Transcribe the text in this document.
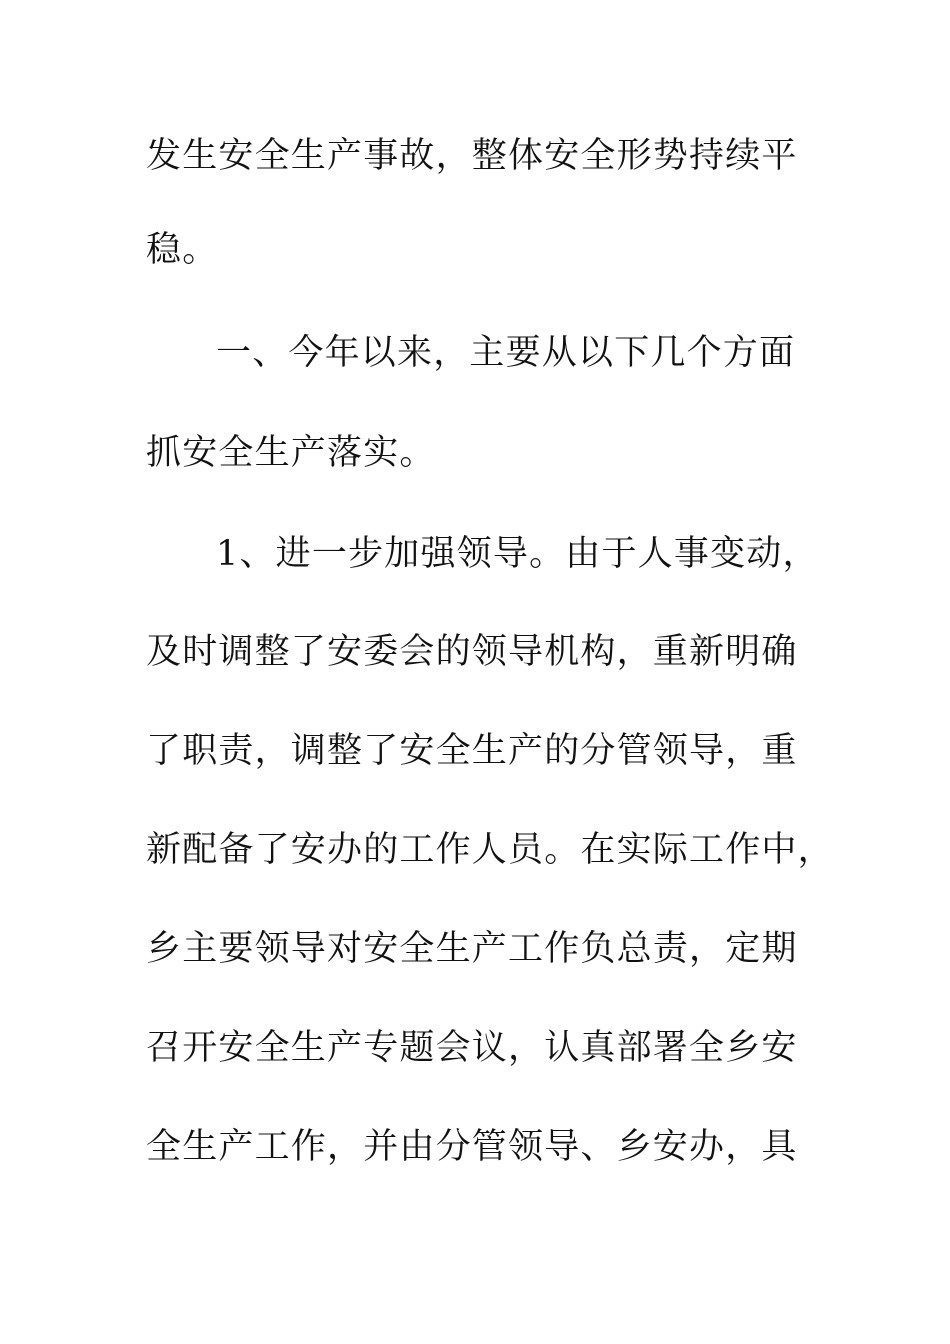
发生安全生产事故，整体安全形势持续平
稳。
一、今年以来，主要从以下几个方面
抓安全生产落实。
1、进一步加强领导。由于人事变动，
及时调整了安委会的领导机构，重新明确
了职责，调整了安全生产的分管领导，重
新配备了安办的工作人员。在实际工作中，
乡主要领导对安全生产工作负总责，定期
召开安全生产专题会议，认真部署全乡安
全生产工作，并由分管领导、乡安办，具
